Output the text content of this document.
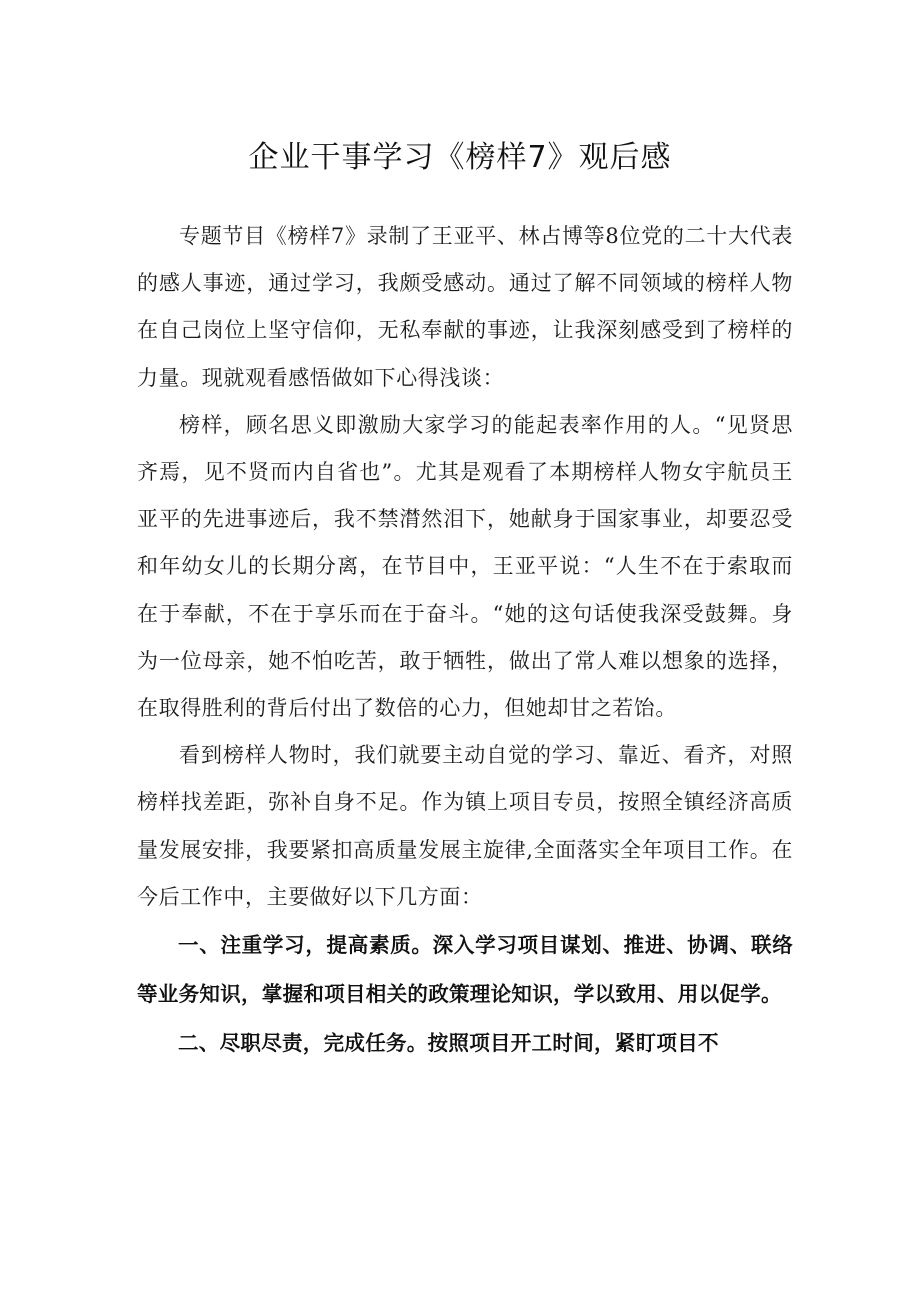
企业干事学习《榜样7》观后感

专题节目《榜样7》录制了王亚平、林占博等8位党的二十大代表的感人事迹，通过学习，我颇受感动。通过了解不同领域的榜样人物在自己岗位上坚守信仰，无私奉献的事迹，让我深刻感受到了榜样的力量。现就观看感悟做如下心得浅谈：

榜样，顾名思义即激励大家学习的能起表率作用的人。“见贤思齐焉，见不贤而内自省也”。尤其是观看了本期榜样人物女宇航员王亚平的先进事迹后，我不禁潸然泪下，她献身于国家事业，却要忍受和年幼女儿的长期分离，在节目中，王亚平说：“人生不在于索取而在于奉献，不在于享乐而在于奋斗。“她的这句话使我深受鼓舞。身为一位母亲，她不怕吃苦，敢于牺牲，做出了常人难以想象的选择，在取得胜利的背后付出了数倍的心力，但她却甘之若饴。

看到榜样人物时，我们就要主动自觉的学习、靠近、看齐，对照榜样找差距，弥补自身不足。作为镇上项目专员，按照全镇经济高质量发展安排，我要紧扣高质量发展主旋律,全面落实全年项目工作。在今后工作中，主要做好以下几方面：

一、注重学习，提高素质。深入学习项目谋划、推进、协调、联络等业务知识，掌握和项目相关的政策理论知识，学以致用、用以促学。

二、尽职尽责，完成任务。按照项目开工时间，紧盯项目不
